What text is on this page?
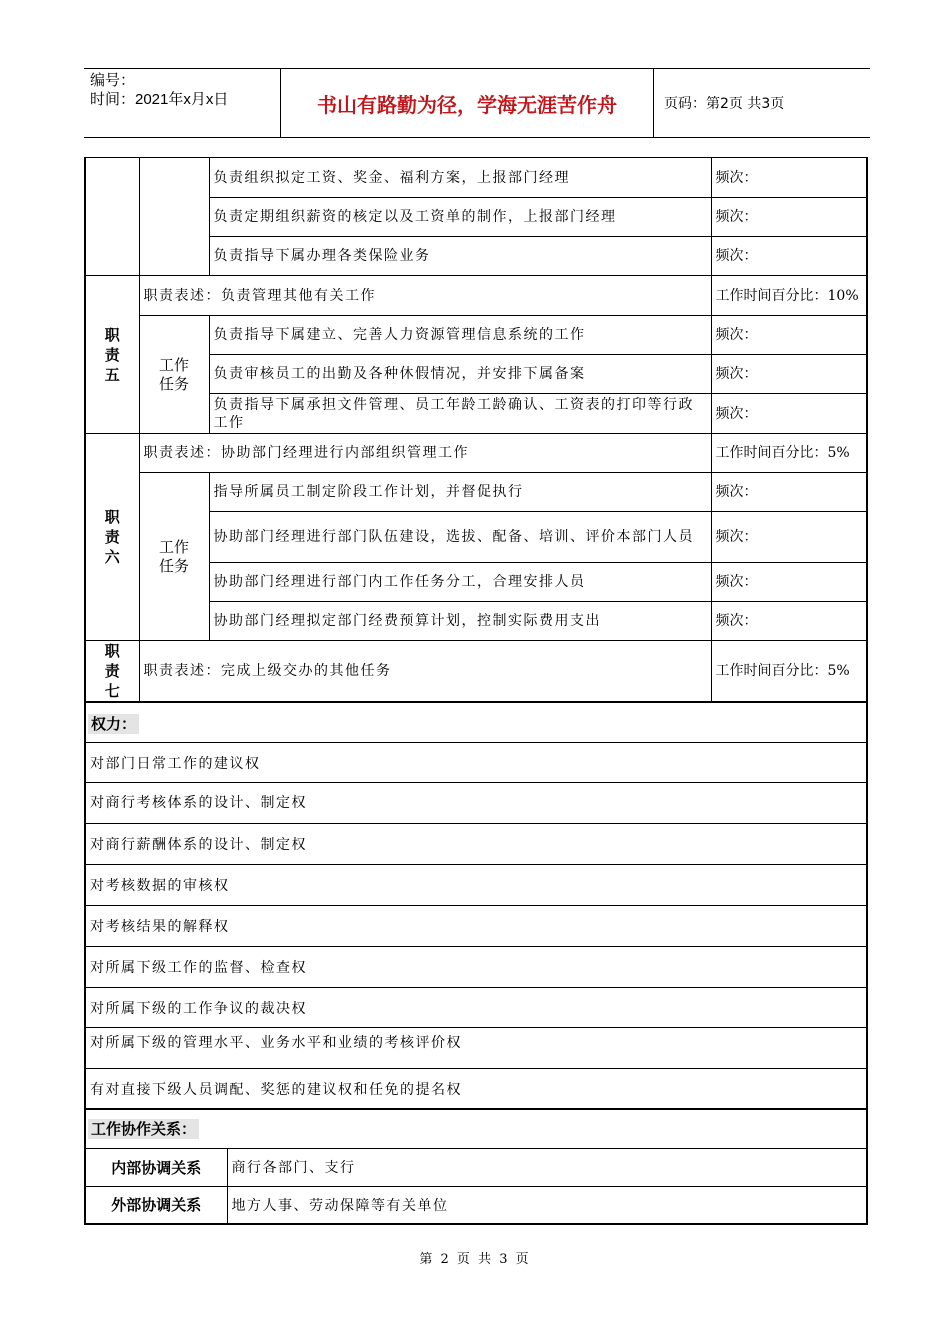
编号：
时间：2021年x月x日	书山有路勤为径，学海无涯苦作舟	页码：第2页 共3页
		负责组织拟定工资、奖金、福利方案，上报部门经理	频次：
		负责定期组织薪资的核定以及工资单的制作，上报部门经理	频次：
		负责指导下属办理各类保险业务	频次：
职责五	职责表述：负责管理其他有关工作		工作时间百分比：10%
	工作任务	负责指导下属建立、完善人力资源管理信息系统的工作	频次：
		负责审核员工的出勤及各种休假情况，并安排下属备案	频次：
		负责指导下属承担文件管理、员工年龄工龄确认、工资表的打印等行政工作	频次：
职责六	职责表述：协助部门经理进行内部组织管理工作		工作时间百分比：5%
	工作任务	指导所属员工制定阶段工作计划，并督促执行	频次：
		协助部门经理进行部门队伍建设，选拔、配备、培训、评价本部门人员	频次：
		协助部门经理进行部门内工作任务分工，合理安排人员	频次：
		协助部门经理拟定部门经费预算计划，控制实际费用支出	频次：
职责七	职责表述：完成上级交办的其他任务		工作时间百分比：5%
权力：
对部门日常工作的建议权
对商行考核体系的设计、制定权
对商行薪酬体系的设计、制定权
对考核数据的审核权
对考核结果的解释权
对所属下级工作的监督、检查权
对所属下级的工作争议的裁决权
对所属下级的管理水平、业务水平和业绩的考核评价权
有对直接下级人员调配、奖惩的建议权和任免的提名权
工作协作关系：	
内部协调关系	商行各部门、支行
外部协调关系	地方人事、劳动保障等有关单位
第 2 页 共 3 页
